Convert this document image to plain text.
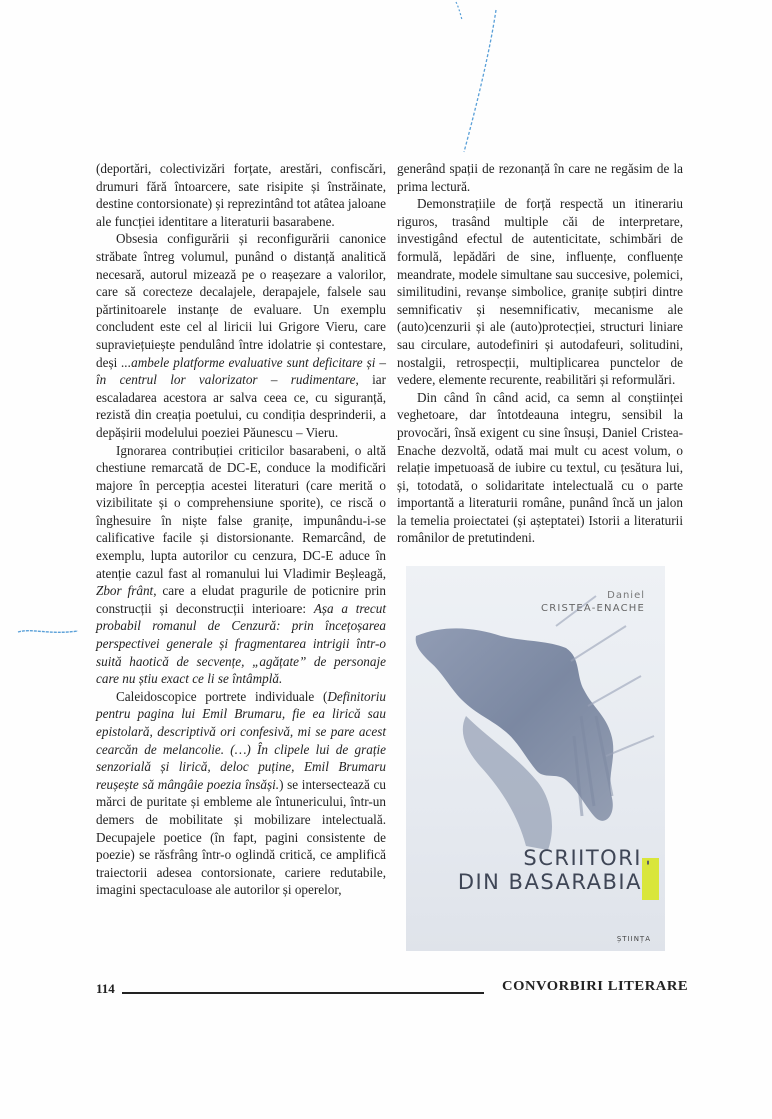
(deportări, colectivizări forțate, arestări, confiscări, drumuri fără întoarcere, sate risipite și înstrăinate, destine contorsionate) și reprezintând tot atâtea jaloane ale funcției identitare a literaturii basarabene.

Obsesia configurării și reconfigurării canonice străbate întreg volumul, punând o distanță analitică necesară, autorul mizează pe o reașezare a valorilor, care să corecteze decalajele, derapajele, falsele sau părtinitoarele instanțe de evaluare. Un exemplu concludent este cel al liricii lui Grigore Vieru, care supraviețuiește pendulând între idolatrie și contestare, deși ...ambele platforme evaluative sunt deficitare și – în centrul lor valorizator – rudimentare, iar escaladarea acestora ar salva ceea ce, cu siguranță, rezistă din creația poetului, cu condiția desprinderii, a depășirii modelului poeziei Păunescu – Vieru.

Ignorarea contribuției criticilor basarabeni, o altă chestiune remarcată de DC-E, conduce la modificări majore în percepția acestei literaturi (care merită o vizibilitate și o comprehensiune sporite), ce riscă o înghesuire în niște false granițe, impunându-i-se calificative facile și distorsionante. Remarcând, de exemplu, lupta autorilor cu cenzura, DC-E aduce în atenție cazul fast al romanului lui Vladimir Beșleagă, Zbor frânt, care a eludat pragurile de poticnire prin construcții și deconstrucții interioare: Așa a trecut probabil romanul de Cenzură: prin încețoșarea perspectivei generale și fragmentarea intrigii într-o suită haotică de secvențe, „agățate” de personaje care nu știu exact ce li se întâmplă.

Caleidoscopice portrete individuale (Definitoriu pentru pagina lui Emil Brumaru, fie ea lirică sau epistolară, descriptivă ori confesivă, mi se pare acest cearcăn de melancolie. (…) În clipele lui de grație senzorială și lirică, deloc puține, Emil Brumaru reușește să mângâie poezia însăși.) se intersectează cu mărci de puritate și embleme ale întunericului, într-un demers de mobilitate și mobilizare intelectuală. Decupajele poetice (în fapt, pagini consistente de poezie) se răsfrâng într-o oglindă critică, ce amplifică traiectorii adesea contorsionate, cariere redutabile, imagini spectaculoase ale autorilor și operelor,

generând spații de rezonanță în care ne regăsim de la prima lectură.

Demonstrațiile de forță respectă un itinerariu riguros, trasând multiple căi de interpretare, investigând efectul de autenticitate, schimbări de formulă, lepădări de sine, influențe, confluențe meandrate, modele simultane sau succesive, polemici, similitudini, revanșe simbolice, granițe subțiri dintre semnificativ și nesemnificativ, mecanisme ale (auto)cenzurii și ale (auto)protecției, structuri liniare sau circulare, autodefiniri și autodafeuri, solitudini, nostalgii, retrospecții, multiplicarea punctelor de vedere, elemente recurente, reabilitări și reformulări.

Din când în când acid, ca semn al conștiinței veghetoare, dar întotdeauna integru, sensibil la provocări, însă exigent cu sine însuși, Daniel Cristea-Enache dezvoltă, odată mai mult cu acest volum, o relație impetuoasă de iubire cu textul, cu țesătura lui, și, totodată, o solidaritate intelectuală cu o parte importantă a literaturii române, punând încă un jalon la temelia proiectatei (și așteptatei) Istorii a literaturii românilor de pretutindeni.

Daniel
CRISTEA-ENACHE
SCRIITORI
DIN BASARABIA
▮
ȘTIINȚA
114	CONVORBIRI LITERARE
